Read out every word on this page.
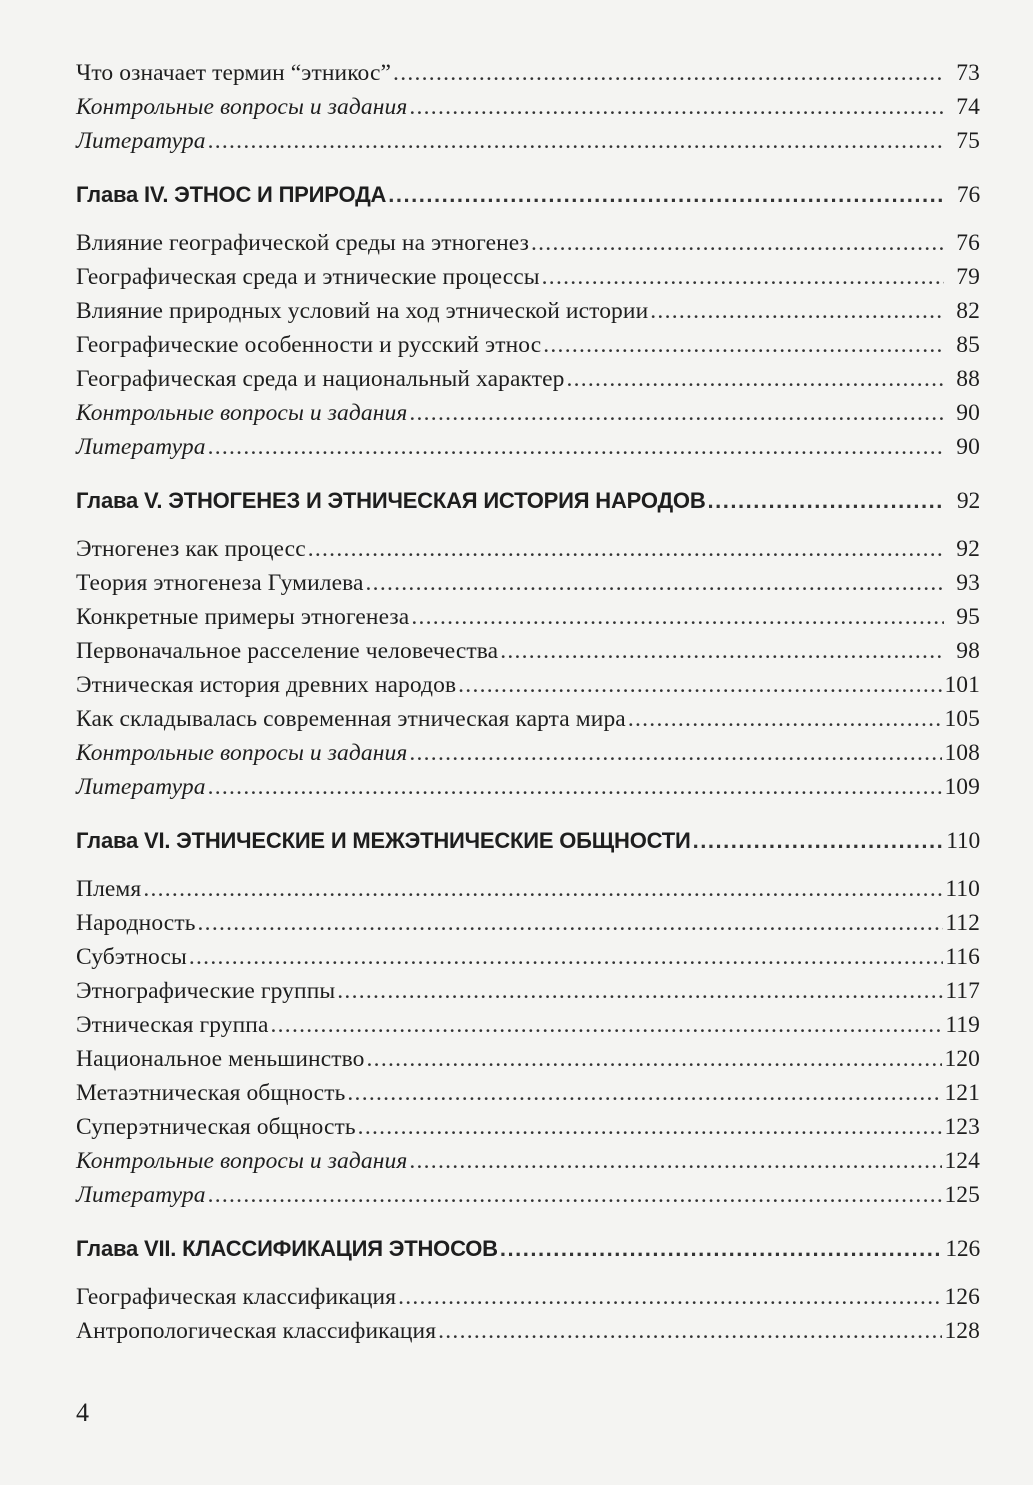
Что означает термин “этникос” . . .	73
Контрольные вопросы и задания . . .	74
Литература . . .	75
Глава IV. ЭТНОС И ПРИРОДА . . .	76
Влияние географической среды на этногенез . . .	76
Географическая среда и этнические процессы . . .	79
Влияние природных условий на ход этнической истории . . .	82
Географические особенности и русский этнос . . .	85
Географическая среда и национальный характер . . .	88
Контрольные вопросы и задания . . .	90
Литература . . .	90
Глава V. ЭТНОГЕНЕЗ И ЭТНИЧЕСКАЯ ИСТОРИЯ НАРОДОВ . . .	92
Этногенез как процесс . . .	92
Теория этногенеза Гумилева . . .	93
Конкретные примеры этногенеза . . .	95
Первоначальное расселение человечества . . .	98
Этническая история древних народов . . .	101
Как складывалась современная этническая карта мира . . .	105
Контрольные вопросы и задания . . .	108
Литература . . .	109
Глава VI. ЭТНИЧЕСКИЕ И МЕЖЭТНИЧЕСКИЕ ОБЩНОСТИ . . .	110
Племя . . .	110
Народность . . .	112
Субэтносы . . .	116
Этнографические группы . . .	117
Этническая группа . . .	119
Национальное меньшинство . . .	120
Метаэтническая общность . . .	121
Суперэтническая общность . . .	123
Контрольные вопросы и задания . . .	124
Литература . . .	125
Глава VII. КЛАССИФИКАЦИЯ ЭТНОСОВ . . .	126
Географическая классификация . . .	126
Антропологическая классификация . . .	128
4
